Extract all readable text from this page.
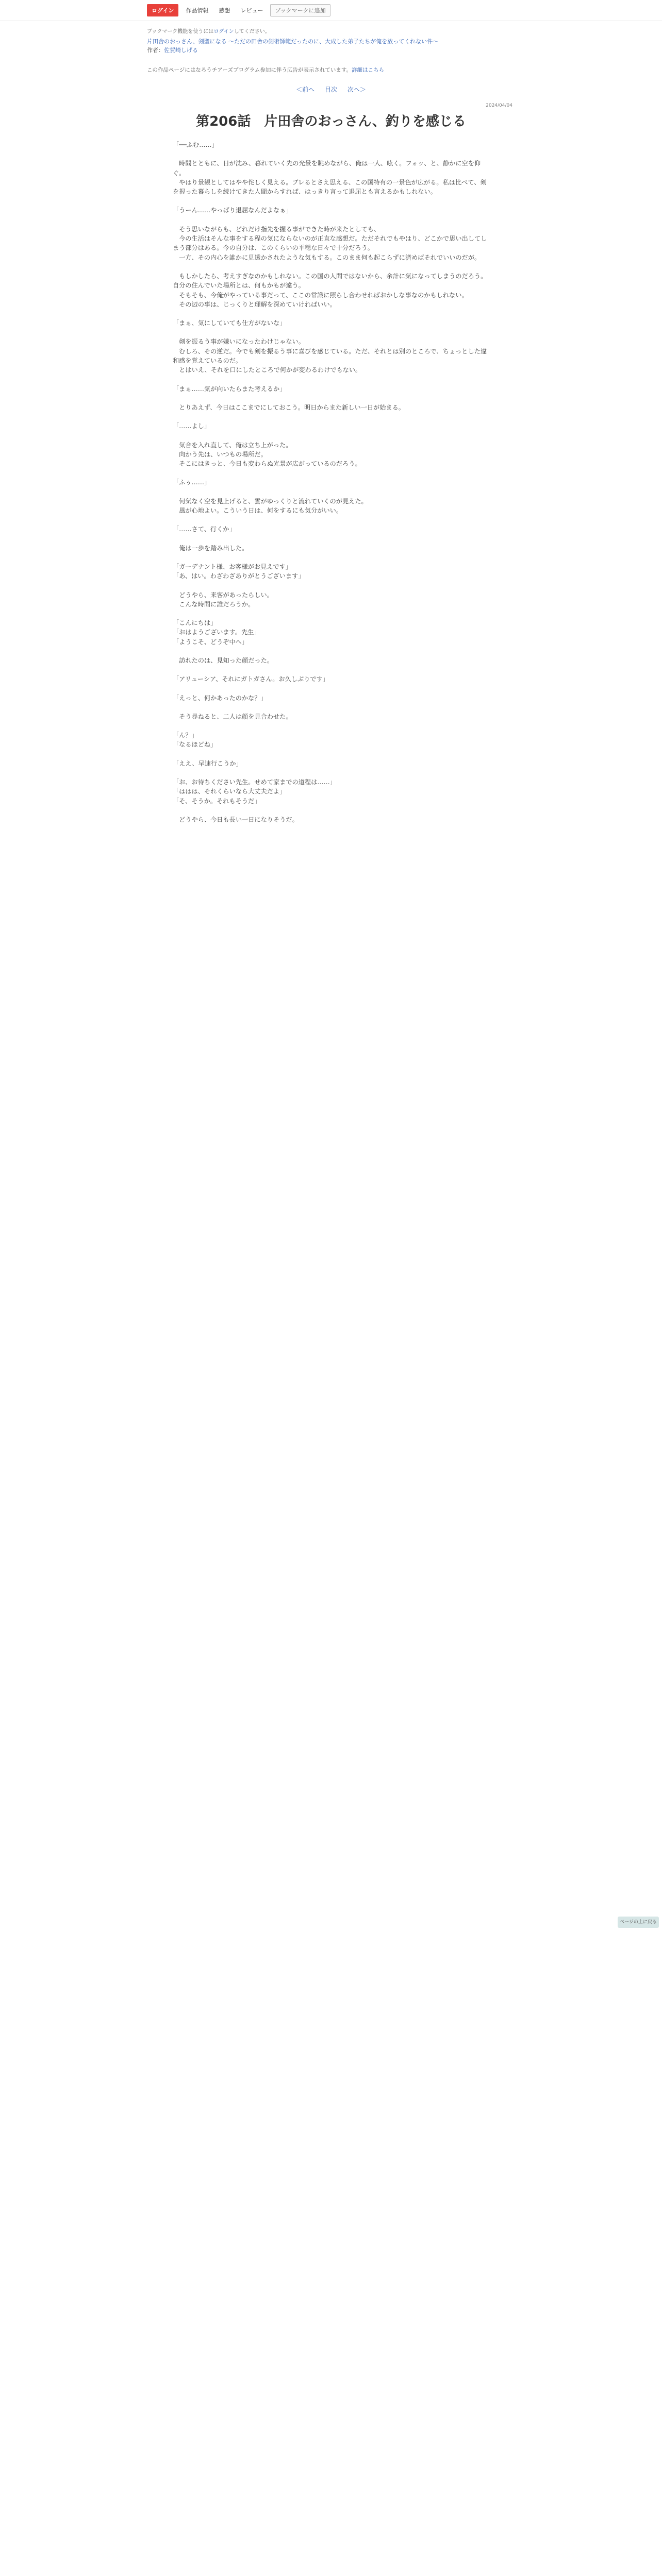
ログイン	作品情報	感想	レビュー	ブックマークに追加
ブックマーク機能を使うにはログインしてください。
片田舎のおっさん、剣聖になる ～ただの田舎の剣術師範だったのに、大成した弟子たちが俺を放ってくれない件～
作者：佐賀崎しげる
この作品ページにはなろうチアーズプログラム参加に伴う広告が表示されています。詳細はこちら
＜前へ 目次 次へ＞
2024/04/04
第206話　片田舎のおっさん、釣りを感じる

「──ふむ……」

　時間とともに、日が沈み、暮れていく先の光景を眺めながら、俺は一人、呟く。フォッ、と、静かに空を仰ぐ。

　やはり景観としてはやや侘しく見える。ブレるとさえ思える、この国特有の一景色が広がる。私は比べて、剣を握った暮らしを続けてきた人間からすれば、はっきり言って退屈とも言えるかもしれない。

「うーん……やっぱり退屈なんだよなぁ」

　そう思いながらも、どれだけ指先を握る事ができた時が来たとしても、

　今の生活はそんな事をする程の気にならないのが正直な感想だ。ただそれでもやはり、どこかで思い出してしまう部分はある。今の自分は、このくらいの平穏な日々で十分だろう。

　一方、その内心を誰かに見透かされたような気もする。このまま何も起こらずに済めばそれでいいのだが。

　もしかしたら、考えすぎなのかもしれない。この国の人間ではないから、余計に気になってしまうのだろう。自分の住んでいた場所とは、何もかもが違う。

　そもそも、今俺がやっている事だって、ここの常識に照らし合わせればおかしな事なのかもしれない。

　その辺の事は、じっくりと理解を深めていければいい。

「まぁ、気にしていても仕方がないな」

　剣を振るう事が嫌いになったわけじゃない。

　むしろ、その逆だ。今でも剣を振るう事に喜びを感じている。ただ、それとは別のところで、ちょっとした違和感を覚えているのだ。

　とはいえ、それを口にしたところで何かが変わるわけでもない。

「まぁ……気が向いたらまた考えるか」

　とりあえず、今日はここまでにしておこう。明日からまた新しい一日が始まる。

「……よし」

　気合を入れ直して、俺は立ち上がった。

　向かう先は、いつもの場所だ。

　そこにはきっと、今日も変わらぬ光景が広がっているのだろう。

「ふぅ……」

　何気なく空を見上げると、雲がゆっくりと流れていくのが見えた。

　風が心地よい。こういう日は、何をするにも気分がいい。

「……さて、行くか」

　俺は一歩を踏み出した。

「ガーデナント様、お客様がお見えです」

「あ、はい。わざわざありがとうございます」

　どうやら、来客があったらしい。

　こんな時間に誰だろうか。

「こんにちは」

「おはようございます。先生」

「ようこそ、どうぞ中へ」

　訪れたのは、見知った顔だった。

「アリューシア、それにガトガさん。お久しぶりです」

「えっと、何かあったのかな？」

　そう尋ねると、二人は顔を見合わせた。

「ん？」

「なるほどね」

「ええ、早速行こうか」

「お、お待ちください先生。せめて家までの道程は……」

「ははは、それくらいなら大丈夫だよ」

「そ、そうか。それもそうだ」

　どうやら、今日も長い一日になりそうだ。

ページの上に戻る
